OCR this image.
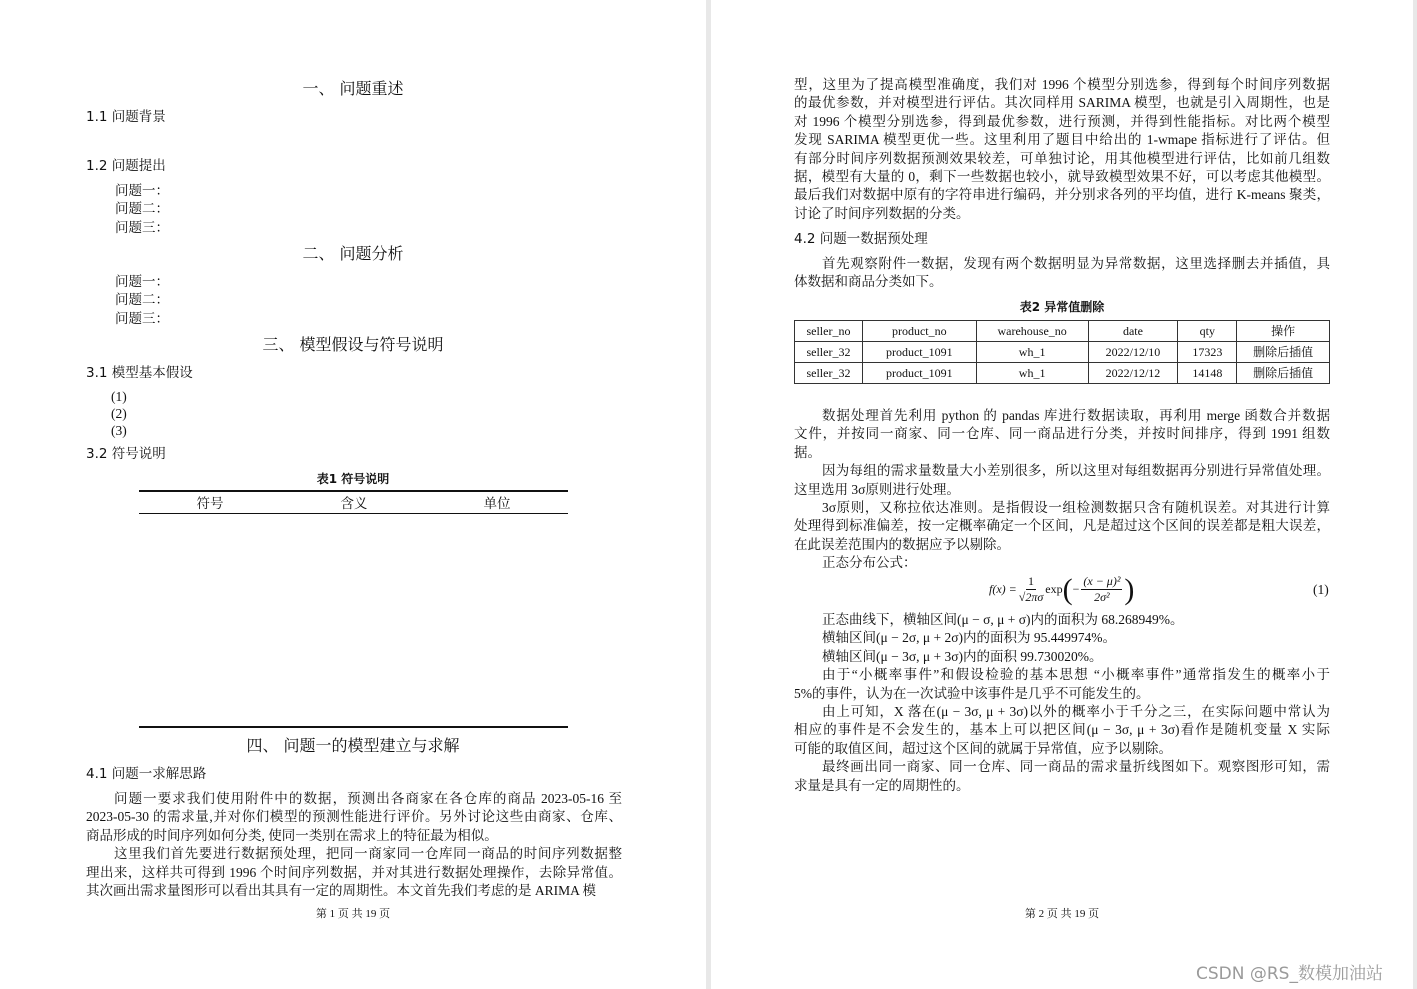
一、 问题重述
1.1 问题背景
1.2 问题提出
问题一：
问题二：
问题三：
二、 问题分析
问题一：
问题二：
问题三：
三、 模型假设与符号说明
3.1 模型基本假设
(1)
(2)
(3)
3.2 符号说明
表1 符号说明
符号	含义	单位
四、 问题一的模型建立与求解
4.1 问题一求解思路
问题一要求我们使用附件中的数据，预测出各商家在各仓库的商品 2023-05-16 至
2023-05-30 的需求量,并对你们模型的预测性能进行评价。另外讨论这些由商家、仓库、
商品形成的时间序列如何分类, 使同一类别在需求上的特征最为相似。
这里我们首先要进行数据预处理，把同一商家同一仓库同一商品的时间序列数据整
理出来，这样共可得到 1996 个时间序列数据，并对其进行数据处理操作，去除异常值。
其次画出需求量图形可以看出其具有一定的周期性。本文首先我们考虑的是 ARIMA 模
第 1 页 共 19 页
型，这里为了提高模型准确度，我们对 1996 个模型分别选参，得到每个时间序列数据
的最优参数，并对模型进行评估。其次同样用 SARIMA 模型，也就是引入周期性，也是
对 1996 个模型分别选参，得到最优参数，进行预测，并得到性能指标。对比两个模型
发现 SARIMA 模型更优一些。这里利用了题目中给出的 1-wmape 指标进行了评估。但
有部分时间序列数据预测效果较差，可单独讨论，用其他模型进行评估，比如前几组数
据，模型有大量的 0，剩下一些数据也较小，就导致模型效果不好，可以考虑其他模型。
最后我们对数据中原有的字符串进行编码，并分别求各列的平均值，进行 K-means 聚类，
讨论了时间序列数据的分类。
4.2 问题一数据预处理
首先观察附件一数据，发现有两个数据明显为异常数据，这里选择删去并插值，具
体数据和商品分类如下。
表2 异常值删除
seller_no	product_no	warehouse_no	date	qty	操作
seller_32	product_1091	wh_1	2022/12/10	17323	删除后插值
seller_32	product_1091	wh_1	2022/12/12	14148	删除后插值
数据处理首先利用 python 的 pandas 库进行数据读取，再利用 merge 函数合并数据
文件，并按同一商家、同一仓库、同一商品进行分类，并按时间排序，得到 1991 组数
据。
因为每组的需求量数量大小差别很多，所以这里对每组数据再分别进行异常值处理。
这里选用 3σ原则进行处理。
3σ原则，又称拉依达准则。是指假设一组检测数据只含有随机误差。对其进行计算
处理得到标准偏差，按一定概率确定一个区间，凡是超过这个区间的误差都是粗大误差，
在此误差范围内的数据应予以剔除。
正态分布公式：
$f(x) = \frac{1}{√2\pi\sigma}$ exp ( − $\frac{\text{(x − μ)²}}{\text{2σ²}}$ )	(1)
正态曲线下，横轴区间(μ − σ, μ + σ)内的面积为 68.268949%。
横轴区间(μ − 2σ, μ + 2σ)内的面积为 95.449974%。
横轴区间(μ − 3σ, μ + 3σ)内的面积 99.730020%。
由于“小概率事件”和假设检验的基本思想 “小概率事件”通常指发生的概率小于
5%的事件，认为在一次试验中该事件是几乎不可能发生的。
由上可知，X 落在(μ − 3σ, μ + 3σ)以外的概率小于千分之三，在实际问题中常认为
相应的事件是不会发生的，基本上可以把区间(μ − 3σ, μ + 3σ)看作是随机变量 X 实际
可能的取值区间，超过这个区间的就属于异常值，应予以剔除。
最终画出同一商家、同一仓库、同一商品的需求量折线图如下。观察图形可知，需
求量是具有一定的周期性的。
第 2 页 共 19 页
CSDN @RS_数模加油站
